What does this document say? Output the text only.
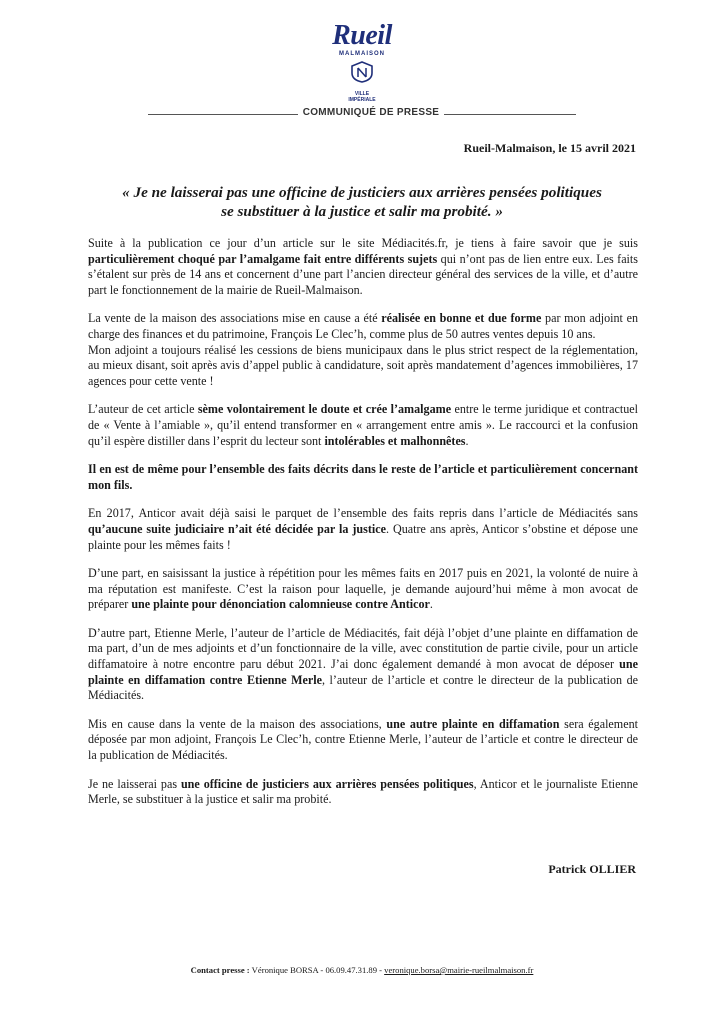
Rueil
MALMAISON
VILLE
IMPÉRIALE
COMMUNIQUÉ DE PRESSE
Rueil-Malmaison, le 15 avril 2021
« Je ne laisserai pas une officine de justiciers aux arrières pensées politiques
se substituer à la justice et salir ma probité. »

Suite à la publication ce jour d’un article sur le site Médiacités.fr, je tiens à faire savoir que je suis particulièrement choqué par l’amalgame fait entre différents sujets qui n’ont pas de lien entre eux. Les faits s’étalent sur près de 14 ans et concernent d’une part l’ancien directeur général des services de la ville, et d’autre part le fonctionnement de la mairie de Rueil-Malmaison.

La vente de la maison des associations mise en cause a été réalisée en bonne et due forme par mon adjoint en charge des finances et du patrimoine, François Le Clec’h, comme plus de 50 autres ventes depuis 10 ans.

Mon adjoint a toujours réalisé les cessions de biens municipaux dans le plus strict respect de la réglementation, au mieux disant, soit après avis d’appel public à candidature, soit après mandatement d’agences immobilières, 17 agences pour cette vente !

L’auteur de cet article sème volontairement le doute et crée l’amalgame entre le terme juridique et contractuel de « Vente à l’amiable », qu’il entend transformer en « arrangement entre amis ». Le raccourci et la confusion qu’il espère distiller dans l’esprit du lecteur sont intolérables et malhonnêtes.

Il en est de même pour l’ensemble des faits décrits dans le reste de l’article et particulièrement concernant mon fils.

En 2017, Anticor avait déjà saisi le parquet de l’ensemble des faits repris dans l’article de Médiacités sans qu’aucune suite judiciaire n’ait été décidée par la justice. Quatre ans après, Anticor s’obstine et dépose une plainte pour les mêmes faits !

D’une part, en saisissant la justice à répétition pour les mêmes faits en 2017 puis en 2021, la volonté de nuire à ma réputation est manifeste. C’est la raison pour laquelle, je demande aujourd’hui même à mon avocat de préparer une plainte pour dénonciation calomnieuse contre Anticor.

D’autre part, Etienne Merle, l’auteur de l’article de Médiacités, fait déjà l’objet d’une plainte en diffamation de ma part, d’un de mes adjoints et d’un fonctionnaire de la ville, avec constitution de partie civile, pour un article diffamatoire à notre encontre paru début 2021. J’ai donc également demandé à mon avocat de déposer une plainte en diffamation contre Etienne Merle, l’auteur de l’article et contre le directeur de la publication de Médiacités.

Mis en cause dans la vente de la maison des associations, une autre plainte en diffamation sera également déposée par mon adjoint, François Le Clec’h, contre Etienne Merle, l’auteur de l’article et contre le directeur de la publication de Médiacités.

Je ne laisserai pas une officine de justiciers aux arrières pensées politiques, Anticor et le journaliste Etienne Merle, se substituer à la justice et salir ma probité.

Patrick OLLIER
Contact presse : Véronique BORSA - 06.09.47.31.89 - veronique.borsa@mairie-rueilmalmaison.fr
